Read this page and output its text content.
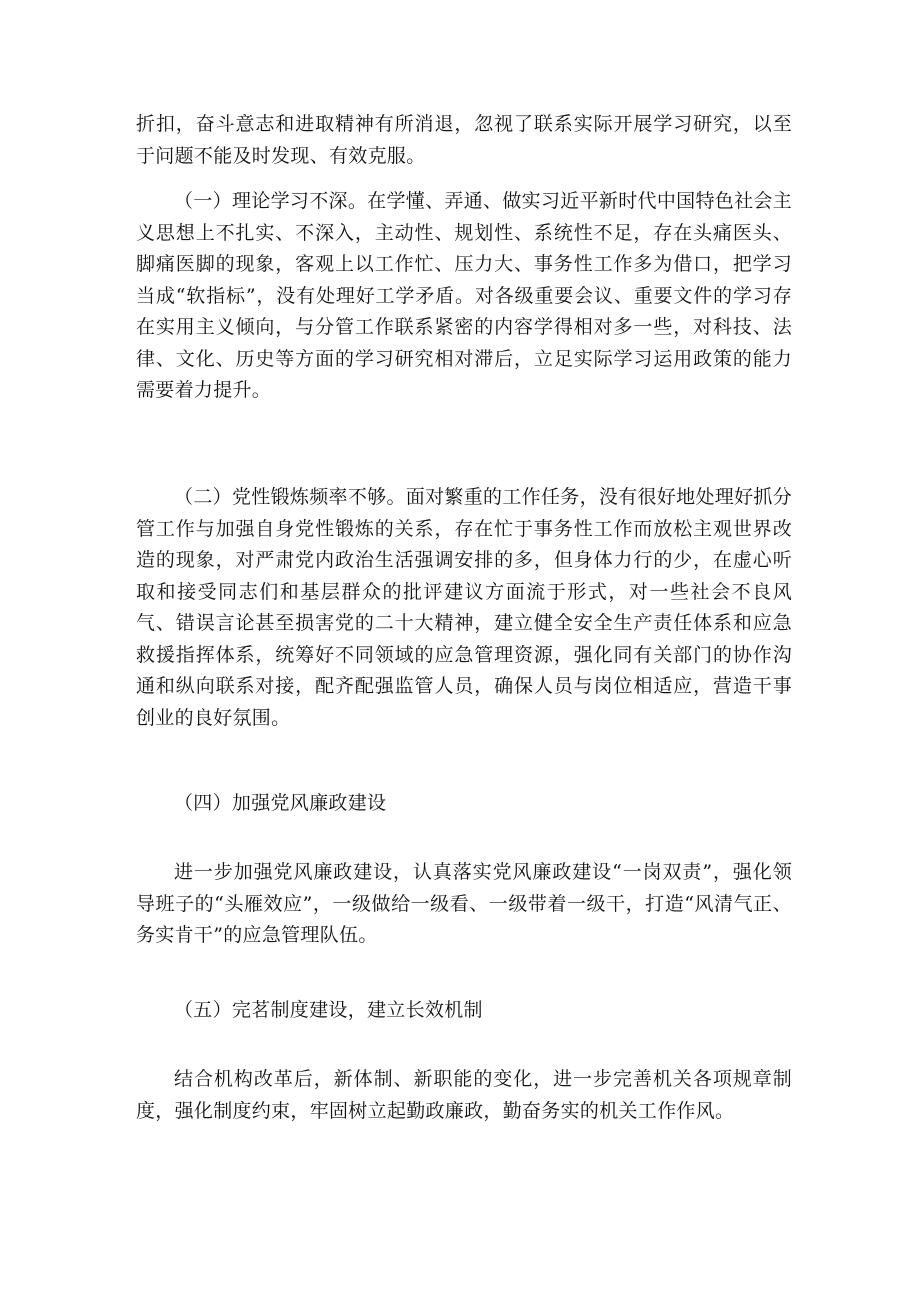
折扣，奋斗意志和进取精神有所消退，忽视了联系实际开展学习研究，以至于问题不能及时发现、有效克服。

（一）理论学习不深。在学懂、弄通、做实习近平新时代中国特色社会主义思想上不扎实、不深入，主动性、规划性、系统性不足，存在头痛医头、脚痛医脚的现象，客观上以工作忙、压力大、事务性工作多为借口，把学习当成“软指标”，没有处理好工学矛盾。对各级重要会议、重要文件的学习存在实用主义倾向，与分管工作联系紧密的内容学得相对多一些，对科技、法律、文化、历史等方面的学习研究相对滞后，立足实际学习运用政策的能力需要着力提升。

（二）党性锻炼频率不够。面对繁重的工作任务，没有很好地处理好抓分管工作与加强自身党性锻炼的关系，存在忙于事务性工作而放松主观世界改造的现象，对严肃党内政治生活强调安排的多，但身体力行的少，在虚心听取和接受同志们和基层群众的批评建议方面流于形式，对一些社会不良风气、错误言论甚至损害党的二十大精神，建立健全安全生产责任体系和应急救援指挥体系，统筹好不同领域的应急管理资源，强化同有关部门的协作沟通和纵向联系对接，配齐配强监管人员，确保人员与岗位相适应，营造干事创业的良好氛围。

（四）加强党风廉政建设

进一步加强党风廉政建设，认真落实党风廉政建设“一岗双责”，强化领导班子的“头雁效应”，一级做给一级看、一级带着一级干，打造“风清气正、务实肯干”的应急管理队伍。

（五）完茗制度建设，建立长效机制

结合机构改革后，新体制、新职能的变化，进一步完善机关各项规章制度，强化制度约束，牢固树立起勤政廉政，勤奋务实的机关工作作风。
